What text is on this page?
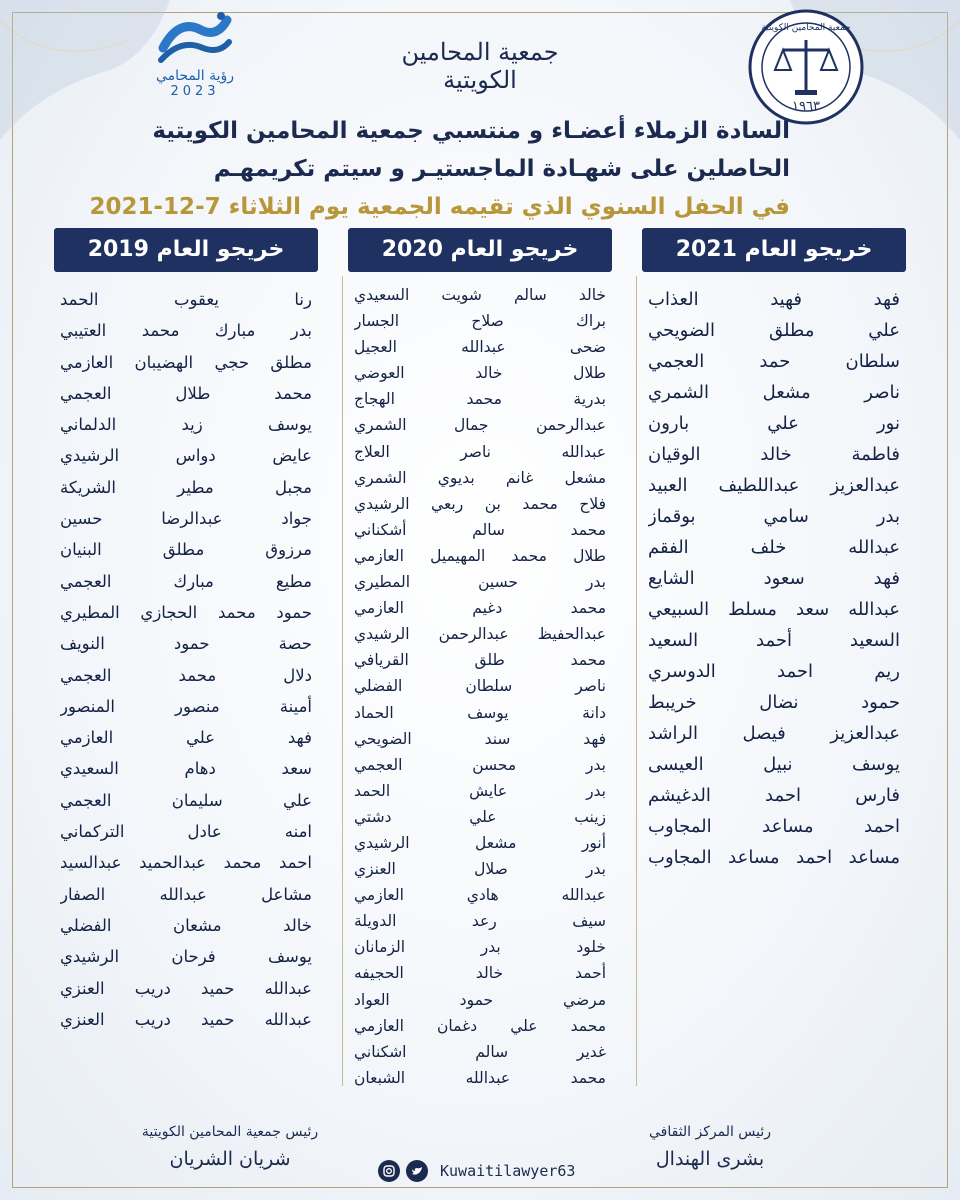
جمعية المحامين الكويتية
١٩٦٣
جمعية المحامين الكويتية
رؤية المحامي
2023
السادة الزملاء أعضـاء و منتسبي جمعية المحامين الكويتية
الحاصلين على شهـادة الماجستيـر و سيتم تكريمهـم
في الحفل السنوي الذي تقيمه الجمعية يوم الثلاثاء 7-12-2021
خريجو العام 2021
فهد فهيد العذاب
علي مطلق الضويحي
سلطان حمد العجمي
ناصر مشعل الشمري
نور علي بارون
فاطمة خالد الوقيان
عبدالعزيز عبداللطيف العبيد
بدر سامي بوقماز
عبدالله خلف الفقم
فهد سعود الشايع
عبدالله سعد مسلط السبيعي
السعيد أحمد السعيد
ريم احمد الدوسري
حمود نضال خريبط
عبدالعزيز فيصل الراشد
يوسف نبيل العيسى
فارس احمد الدغيشم
احمد مساعد المجاوب
مساعد احمد مساعد المجاوب
خريجو العام 2020
خالد سالم شويت السعيدي
براك صلاح الجسار
ضحى عبدالله العجيل
طلال خالد العوضي
بدرية محمد الهجاج
عبدالرحمن جمال الشمري
عبدالله ناصر العلاج
مشعل غانم بديوي الشمري
فلاح محمد بن ربعي الرشيدي
محمد سالم أشكناني
طلال محمد المهيميل العازمي
بدر حسين المطيري
محمد دغيم العازمي
عبدالحفيظ عبدالرحمن الرشيدي
محمد طلق القريافي
ناصر سلطان الفضلي
دانة يوسف الحماد
فهد سند الضويحي
بدر محسن العجمي
بدر عايش الحمد
زينب علي دشتي
أنور مشعل الرشيدي
بدر صلال العنزي
عبدالله هادي العازمي
سيف رعد الدويلة
خلود بدر الزمانان
أحمد خالد الحجيفه
مرضي حمود العواد
محمد علي دغمان العازمي
غدير سالم اشكناني
محمد عبدالله الشبعان
خريجو العام 2019
رنا يعقوب الحمد
بدر مبارك محمد العتيبي
مطلق حجي الهضيبان العازمي
محمد طلال العجمي
يوسف زيد الدلماني
عايض دواس الرشيدي
مجبل مطير الشريكة
جواد عبدالرضا حسين
مرزوق مطلق البنيان
مطيع مبارك العجمي
حمود محمد الحجازي المطيري
حصة حمود النويف
دلال محمد العجمي
أمينة منصور المنصور
فهد علي العازمي
سعد دهام السعيدي
علي سليمان العجمي
امنه عادل التركماني
احمد محمد عبدالحميد عبدالسيد
مشاعل عبدالله الصفار
خالد مشعان الفضلي
يوسف فرحان الرشيدي
عبدالله حميد دريب العنزي
عبدالله حميد دريب العنزي
رئيس المركز الثقافي
بشرى الهندال
رئيس جمعية المحامين الكويتية
شريان الشريان
Kuwaitilawyer63
